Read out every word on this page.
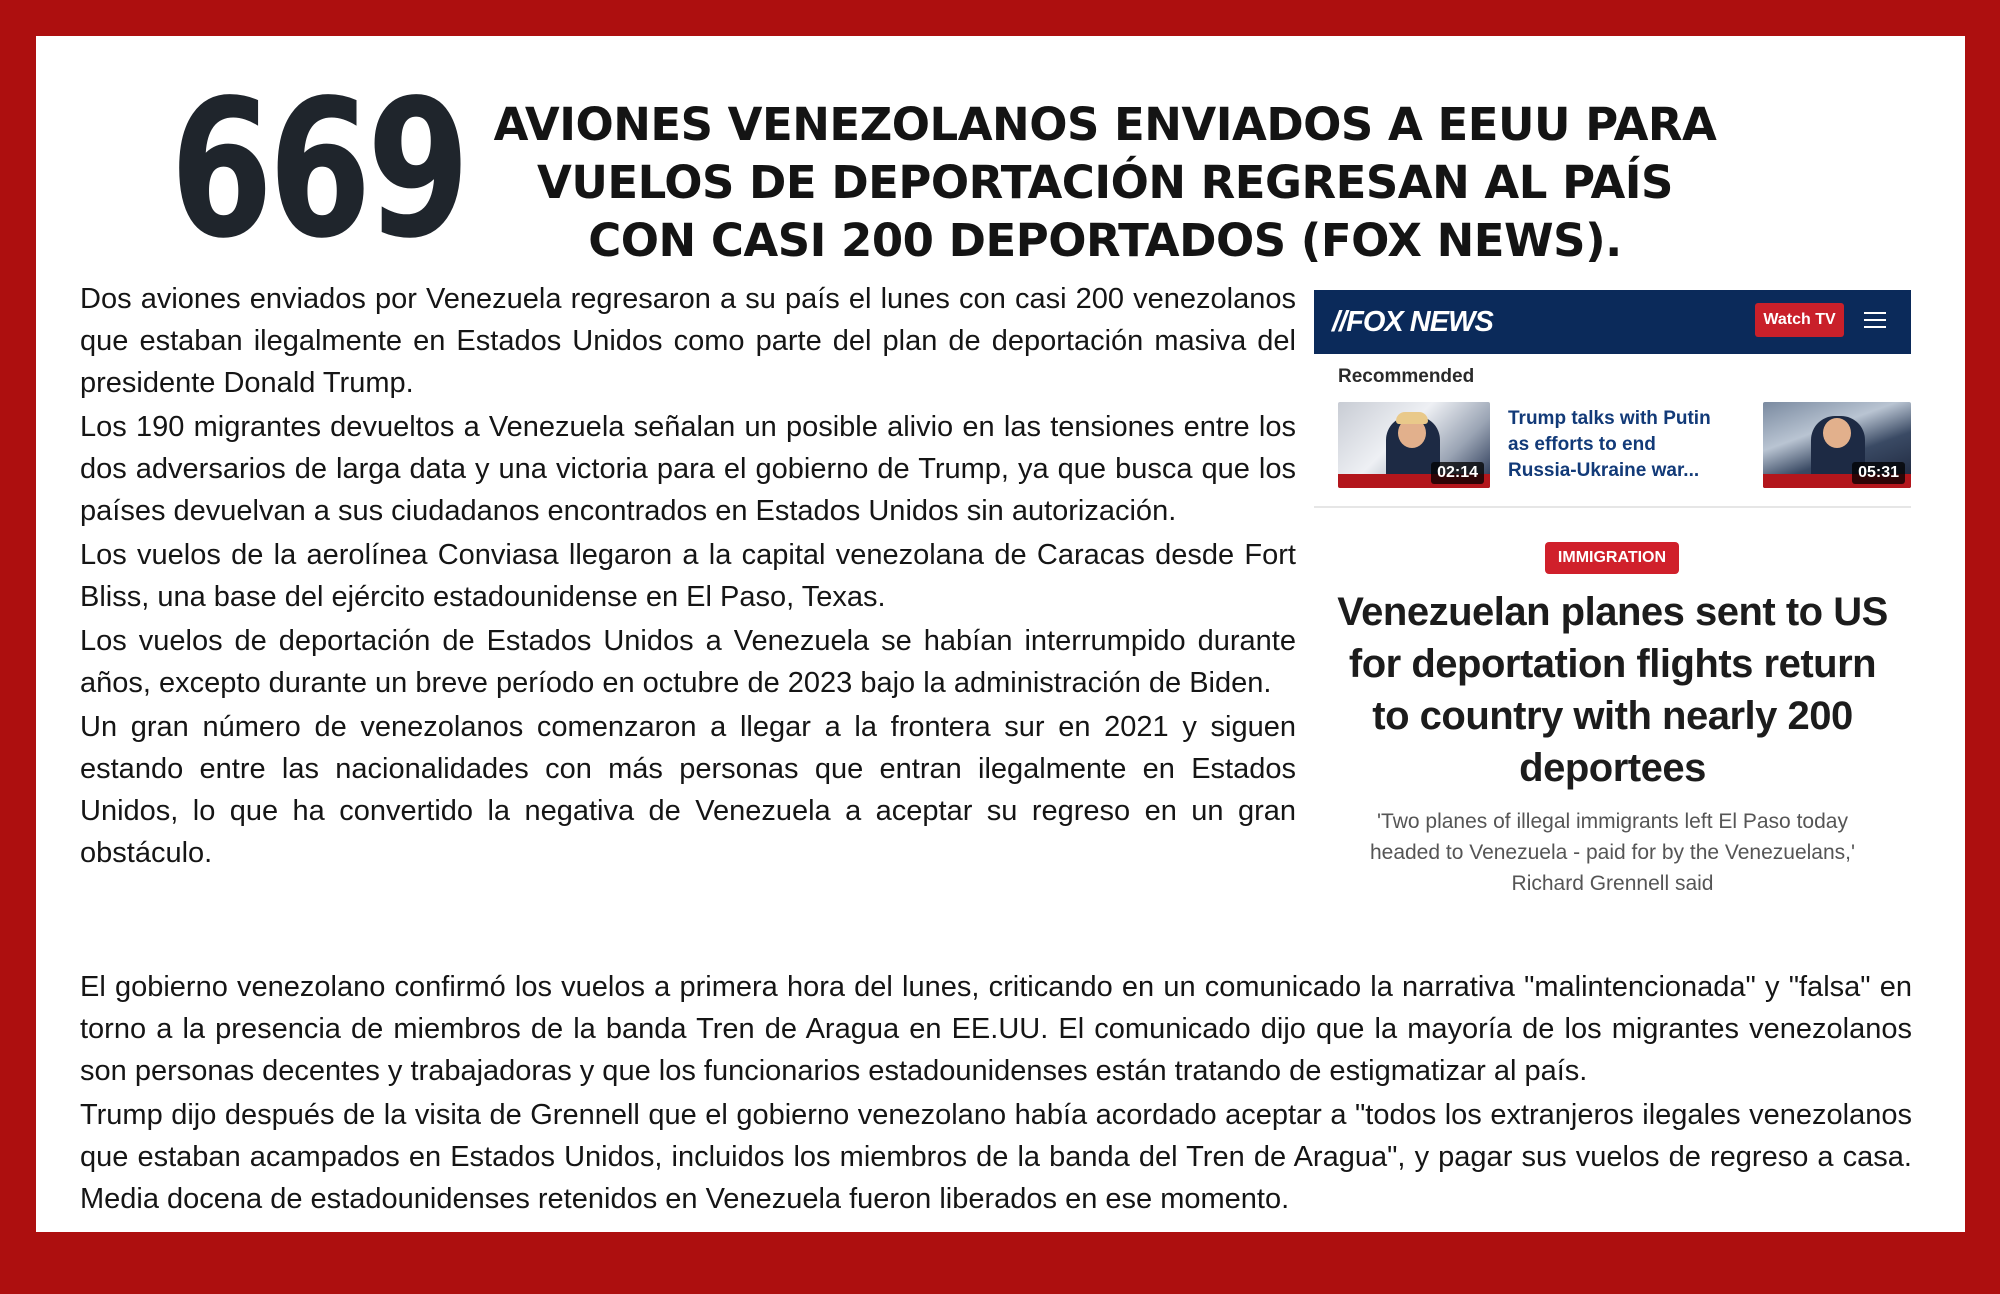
669 AVIONES VENEZOLANOS ENVIADOS A EEUU PARA VUELOS DE DEPORTACIÓN REGRESAN AL PAÍS CON CASI 200 DEPORTADOS (FOX NEWS).

Dos aviones enviados por Venezuela regresaron a su país el lunes con casi 200 venezolanos que estaban ilegalmente en Estados Unidos como parte del plan de deportación masiva del presidente Donald Trump.

Los 190 migrantes devueltos a Venezuela señalan un posible alivio en las tensiones entre los dos adversarios de larga data y una victoria para el gobierno de Trump, ya que busca que los países devuelvan a sus ciudadanos encontrados en Estados Unidos sin autorización.

Los vuelos de la aerolínea Conviasa llegaron a la capital venezolana de Caracas desde Fort Bliss, una base del ejército estadounidense en El Paso, Texas.

Los vuelos de deportación de Estados Unidos a Venezuela se habían interrumpido durante años, excepto durante un breve período en octubre de 2023 bajo la administración de Biden.

Un gran número de venezolanos comenzaron a llegar a la frontera sur en 2021 y siguen estando entre las nacionalidades con más personas que entran ilegalmente en Estados Unidos, lo que ha convertido la negativa de Venezuela a aceptar su regreso en un gran obstáculo.

El gobierno venezolano confirmó los vuelos a primera hora del lunes, criticando en un comunicado la narrativa "malintencionada" y "falsa" en torno a la presencia de miembros de la banda Tren de Aragua en EE.UU. El comunicado dijo que la mayoría de los migrantes venezolanos son personas decentes y trabajadoras y que los funcionarios estadounidenses están tratando de estigmatizar al país.

Trump dijo después de la visita de Grennell que el gobierno venezolano había acordado aceptar a "todos los extranjeros ilegales venezolanos que estaban acampados en Estados Unidos, incluidos los miembros de la banda del Tren de Aragua", y pagar sus vuelos de regreso a casa. Media docena de estadounidenses retenidos en Venezuela fueron liberados en ese momento.

//FOX NEWS	Watch TV
Recommended
02:14
Trump talks with Putin as efforts to end Russia-Ukraine war...	05:31
IMMIGRATION
Venezuelan planes sent to US for deportation flights return to country with nearly 200 deportees
'Two planes of illegal immigrants left El Paso today headed to Venezuela - paid for by the Venezuelans,' Richard Grennell said
